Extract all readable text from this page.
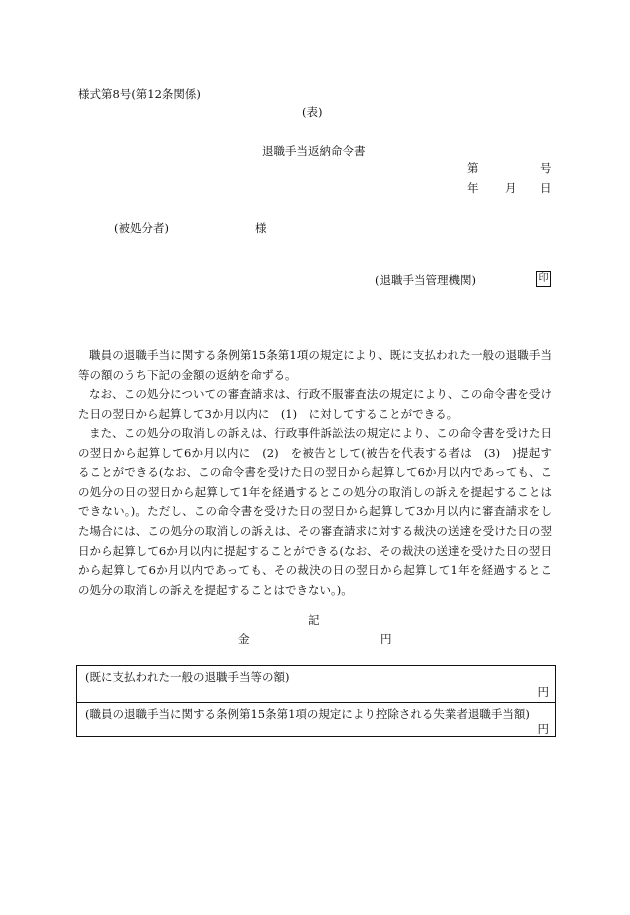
様式第8号(第12条関係)
(表)
退職手当返納命令書
第	号
年 月 日
(被処分者)	様
(退職手当管理機関)	印
職員の退職手当に関する条例第15条第1項の規定により、既に支払われた一般の退職手当等の額のうち下記の金額の返納を命ずる。
なお、この処分についての審査請求は、行政不服審査法の規定により、この命令書を受けた日の翌日から起算して3か月以内に　(1)　に対してすることができる。
また、この処分の取消しの訴えは、行政事件訴訟法の規定により、この命令書を受けた日の翌日から起算して6か月以内に　(2)　を被告として(被告を代表する者は　(3)　)提起することができる(なお、この命令書を受けた日の翌日から起算して6か月以内であっても、この処分の日の翌日から起算して1年を経過するとこの処分の取消しの訴えを提起することはできない。)。ただし、この命令書を受けた日の翌日から起算して3か月以内に審査請求をした場合には、この処分の取消しの訴えは、その審査請求に対する裁決の送達を受けた日の翌日から起算して6か月以内に提起することができる(なお、その裁決の送達を受けた日の翌日から起算して6か月以内であっても、その裁決の日の翌日から起算して1年を経過するとこの処分の取消しの訴えを提起することはできない。)。
記
金	円
(既に支払われた一般の退職手当等の額)
円
(職員の退職手当に関する条例第15条第1項の規定により控除される失業者退職手当額)
円
